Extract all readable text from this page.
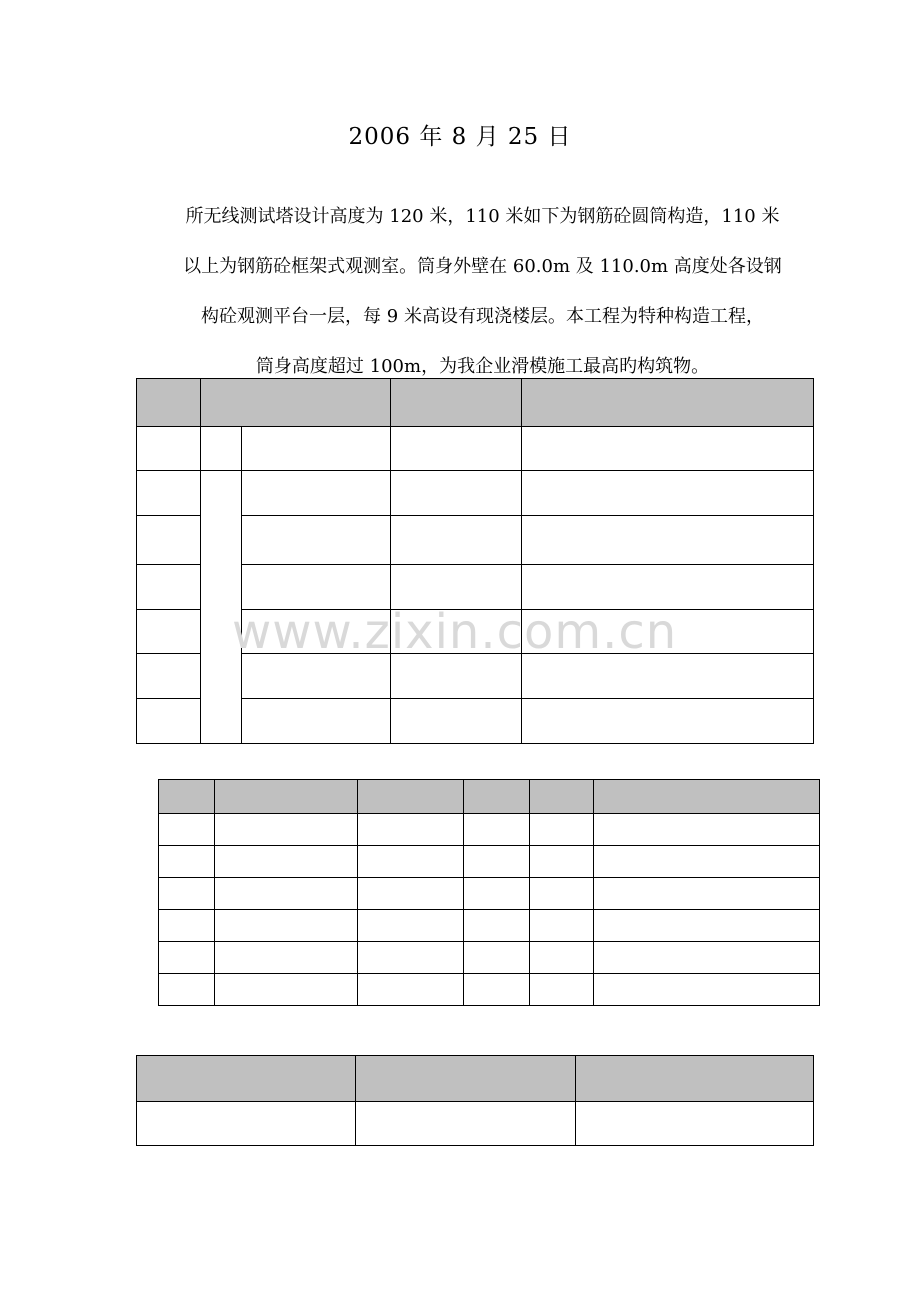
2006 年 8 月 25 日
所无线测试塔设计高度为 120 米，110 米如下为钢筋砼圆筒构造，110 米
以上为钢筋砼框架式观测室。筒身外壁在 60.0m 及 110.0m 高度处各设钢
构砼观测平台一层，每 9 米高设有现浇楼层。本工程为特种构造工程，
筒身高度超过 100m，为我企业滑模施工最高旳构筑物。

www.zixin.com.cn
